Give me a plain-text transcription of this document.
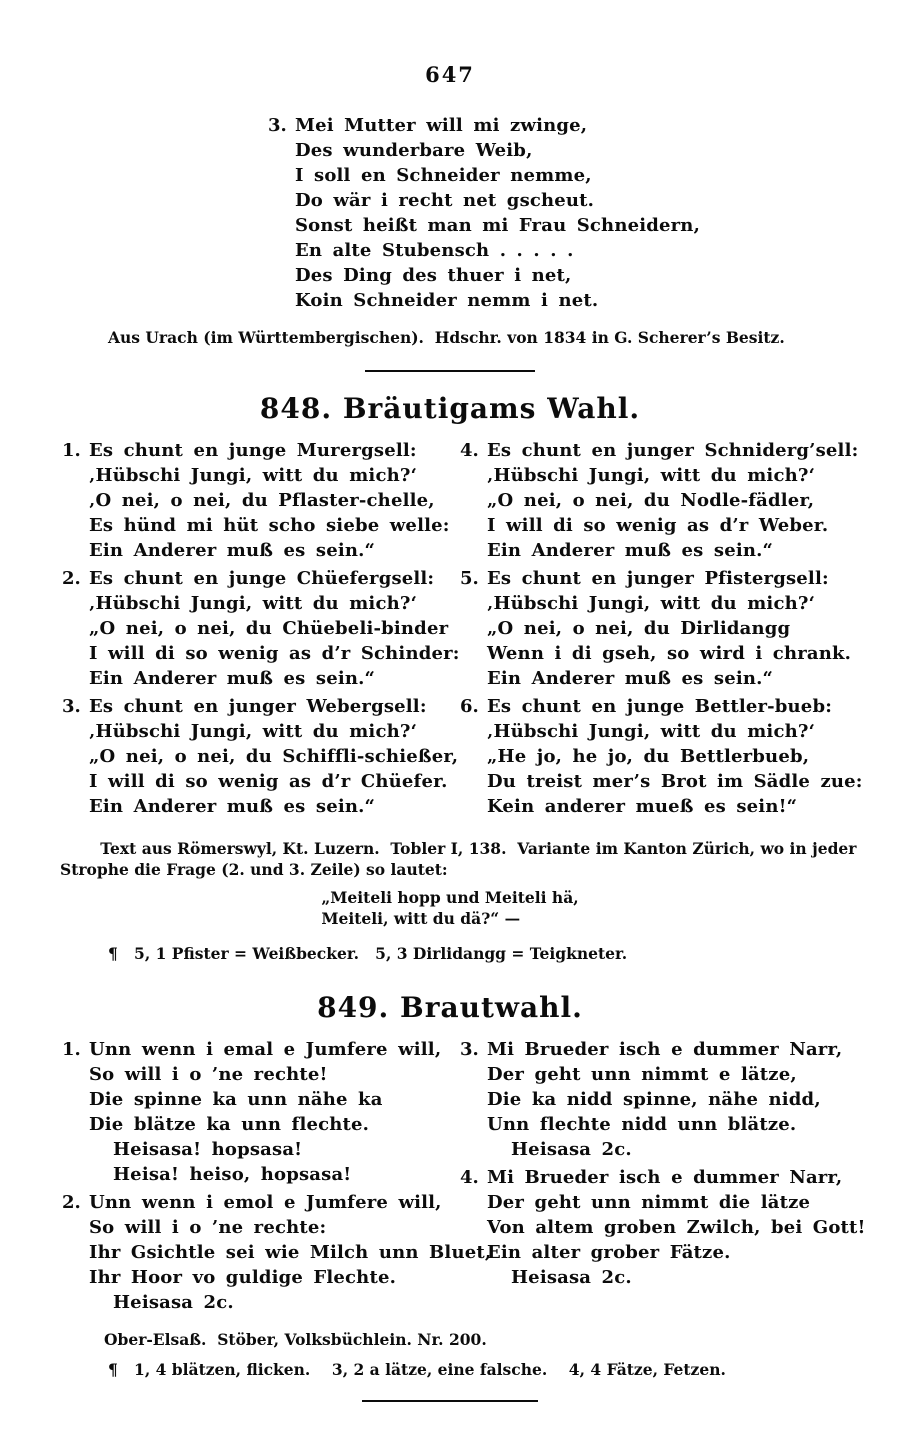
647
3. Mei Mutter will mi zwinge,
Des wunderbare Weib,
I soll en Schneider nemme,
Do wär i recht net gscheut.
Sonst heißt man mi Frau Schneidern,
En alte Stubensch . . . . .
Des Ding des thuer i net,
Koin Schneider nemm i net.

Aus Urach (im Württembergischen).  Hdschr. von 1834 in G. Scherer’s Besitz.

848. Bräutigams Wahl.
1. Es chunt en junge Murergsell:
‚Hübschi Jungi, witt du mich?‘
‚O nei, o nei, du Pflaster-chelle,
Es hünd mi hüt scho siebe welle:
Ein Anderer muß es sein.“
2. Es chunt en junge Chüefergsell:
‚Hübschi Jungi, witt du mich?‘
„O nei, o nei, du Chüebeli-binder
I will di so wenig as d’r Schinder:
Ein Anderer muß es sein.“
3. Es chunt en junger Webergsell:
‚Hübschi Jungi, witt du mich?‘
„O nei, o nei, du Schiffli-schießer,
I will di so wenig as d’r Chüefer.
Ein Anderer muß es sein.“
4. Es chunt en junger Schniderg’sell:
‚Hübschi Jungi, witt du mich?‘
„O nei, o nei, du Nodle-fädler,
I will di so wenig as d’r Weber.
Ein Anderer muß es sein.“
5. Es chunt en junger Pfistergsell:
‚Hübschi Jungi, witt du mich?‘
„O nei, o nei, du Dirlidangg
Wenn i di gseh, so wird i chrank.
Ein Anderer muß es sein.“
6. Es chunt en junge Bettler-bueb:
‚Hübschi Jungi, witt du mich?‘
„He jo, he jo, du Bettlerbueb,
Du treist mer’s Brot im Sädle zue:
Kein anderer mueß es sein!“

Text aus Römerswyl, Kt. Luzern.  Tobler I, 138.  Variante im Kanton Zürich, wo in jeder Strophe die Frage (2. und 3. Zeile) so lautet:

„Meiteli hopp und Meiteli hä,
Meiteli, witt du dä?“ —

¶   5, 1 Pfister = Weißbecker.   5, 3 Dirlidangg = Teigkneter.

849. Brautwahl.
1. Unn wenn i emal e Jumfere will,
So will i o ’ne rechte!
Die spinne ka unn nähe ka
Die blätze ka unn flechte.
Heisasa! hopsasa!
Heisa! heiso, hopsasa!
2. Unn wenn i emol e Jumfere will,
So will i o ’ne rechte:
Ihr Gsichtle sei wie Milch unn Bluet,
Ihr Hoor vo guldige Flechte.
Heisasa 2c.
3. Mi Brueder isch e dummer Narr,
Der geht unn nimmt e lätze,
Die ka nidd spinne, nähe nidd,
Unn flechte nidd unn blätze.
Heisasa 2c.
4. Mi Brueder isch e dummer Narr,
Der geht unn nimmt die lätze
Von altem groben Zwilch, bei Gott!
Ein alter grober Fätze.
Heisasa 2c.

Ober-Elsaß.  Stöber, Volksbüchlein. Nr. 200.

¶   1, 4 blätzen, flicken.    3, 2 a lätze, eine falsche.    4, 4 Fätze, Fetzen.
